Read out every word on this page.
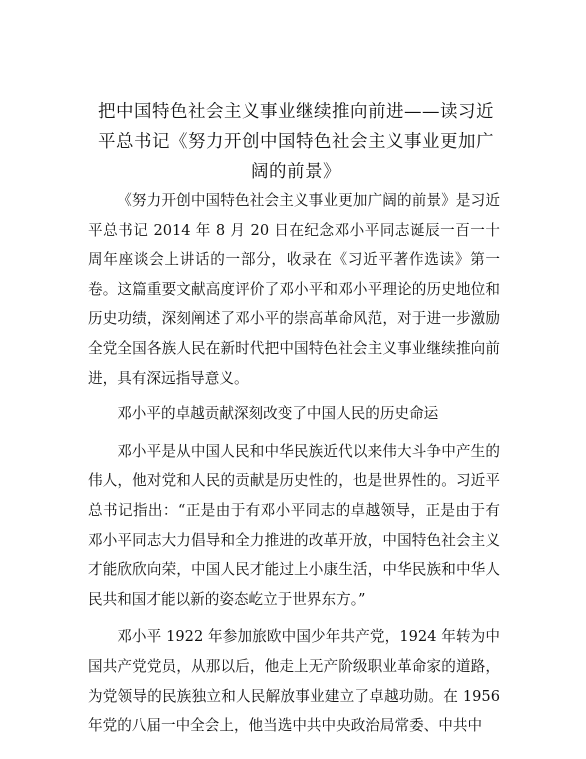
把中国特色社会主义事业继续推向前进——读习近平总书记《努力开创中国特色社会主义事业更加广阔的前景》

《努力开创中国特色社会主义事业更加广阔的前景》是习近平总书记 2014 年 8 月 20 日在纪念邓小平同志诞辰一百一十周年座谈会上讲话的一部分，收录在《习近平著作选读》第一卷。这篇重要文献高度评价了邓小平和邓小平理论的历史地位和历史功绩，深刻阐述了邓小平的崇高革命风范，对于进一步激励全党全国各族人民在新时代把中国特色社会主义事业继续推向前进，具有深远指导意义。

邓小平的卓越贡献深刻改变了中国人民的历史命运

邓小平是从中国人民和中华民族近代以来伟大斗争中产生的伟人，他对党和人民的贡献是历史性的，也是世界性的。习近平总书记指出：“正是由于有邓小平同志的卓越领导，正是由于有邓小平同志大力倡导和全力推进的改革开放，中国特色社会主义才能欣欣向荣，中国人民才能过上小康生活，中华民族和中华人民共和国才能以新的姿态屹立于世界东方。”

邓小平 1922 年参加旅欧中国少年共产党，1924 年转为中国共产党党员，从那以后，他走上无产阶级职业革命家的道路，为党领导的民族独立和人民解放事业建立了卓越功勋。在 1956 年党的八届一中全会上，他当选中共中央政治局常委、中共中
